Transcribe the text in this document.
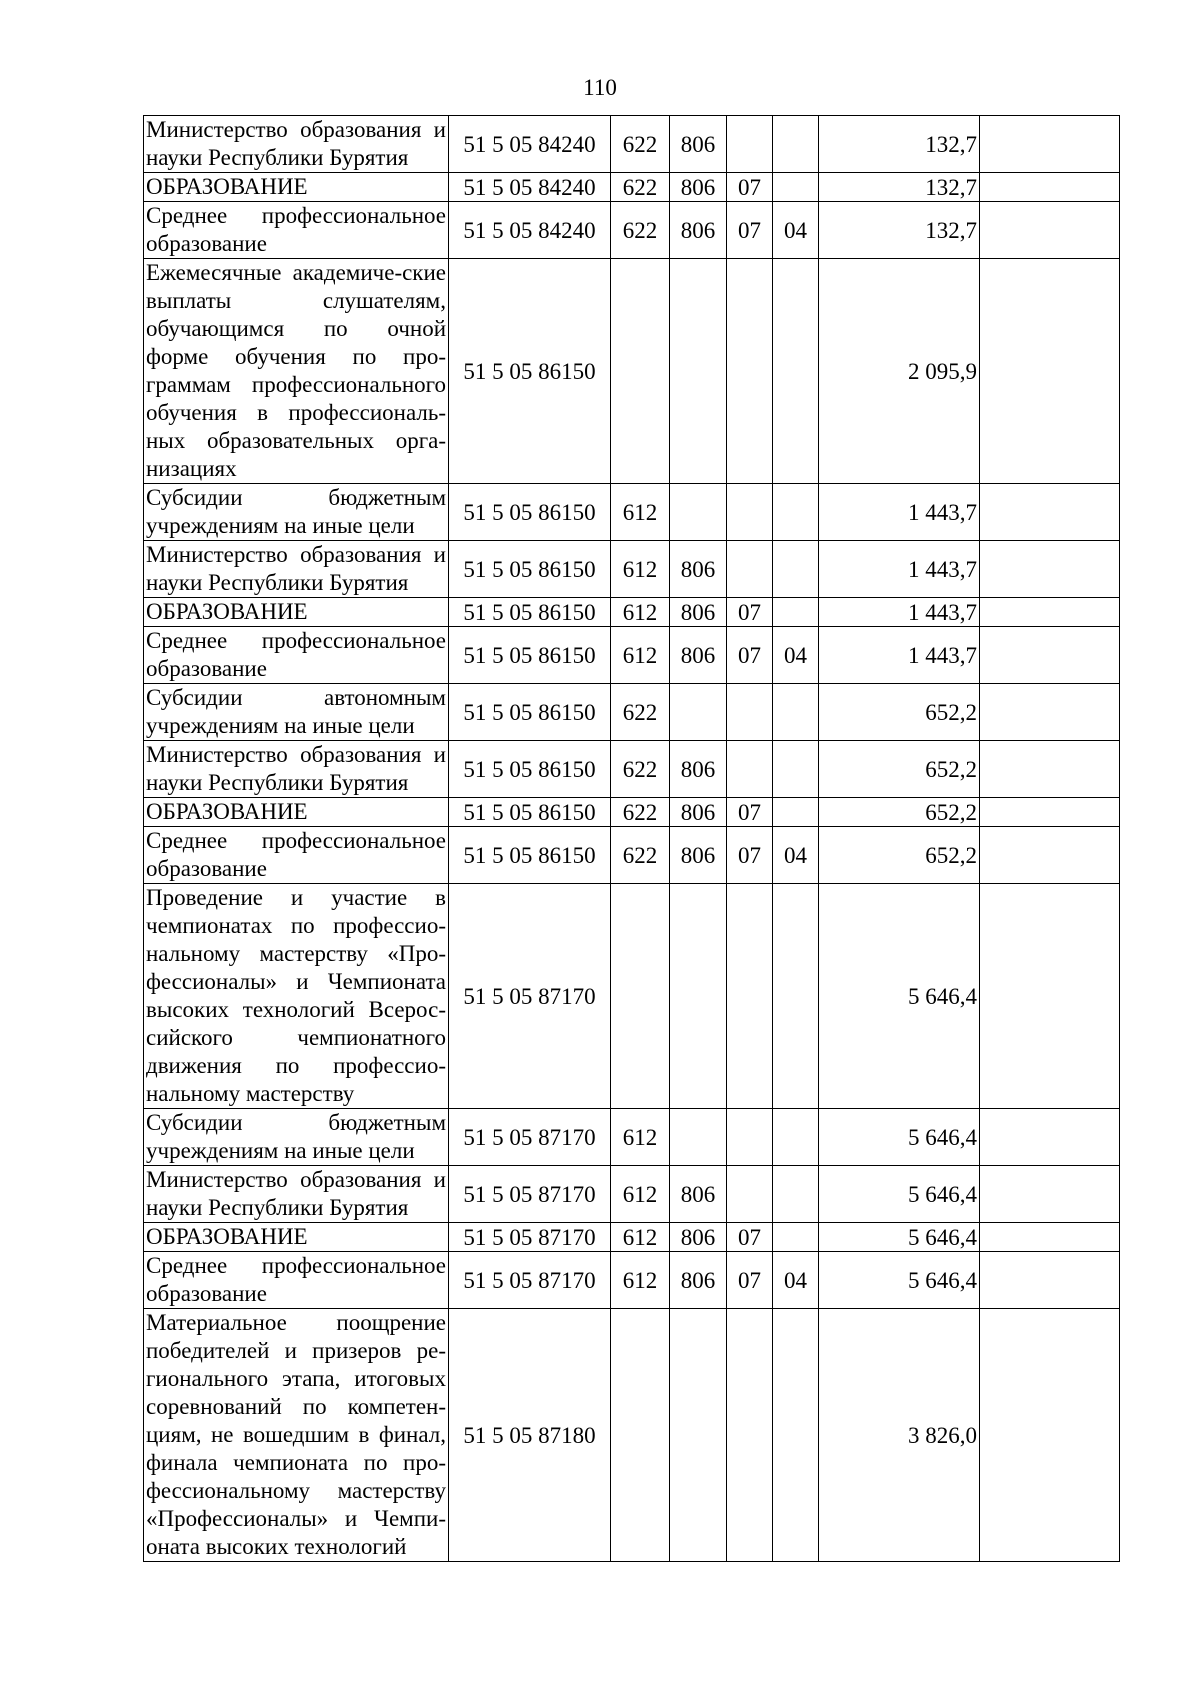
110
Министерство образования и науки Республики Бурятия	51 5 05 84240	622	806			132,7	
ОБРАЗОВАНИЕ	51 5 05 84240	622	806	07		132,7	
Среднее профессиональное образование	51 5 05 84240	622	806	07	04	132,7	
Ежемесячные академиче-ские выплаты слушателям, обучающимся по очной форме обучения по про-граммам профессионального обучения в профессиональ-ных образовательных орга-низациях	51 5 05 86150					2 095,9	
Субсидии бюджетным учреждениям на иные цели	51 5 05 86150	612				1 443,7	
Министерство образования и науки Республики Бурятия	51 5 05 86150	612	806			1 443,7	
ОБРАЗОВАНИЕ	51 5 05 86150	612	806	07		1 443,7	
Среднее профессиональное образование	51 5 05 86150	612	806	07	04	1 443,7	
Субсидии автономным учреждениям на иные цели	51 5 05 86150	622				652,2	
Министерство образования и науки Республики Бурятия	51 5 05 86150	622	806			652,2	
ОБРАЗОВАНИЕ	51 5 05 86150	622	806	07		652,2	
Среднее профессиональное образование	51 5 05 86150	622	806	07	04	652,2	
Проведение и участие в чемпионатах по профессио-нальному мастерству «Про-фессионалы» и Чемпионата высоких технологий Всерос-сийского чемпионатного движения по профессио-нальному мастерству	51 5 05 87170					5 646,4	
Субсидии бюджетным учреждениям на иные цели	51 5 05 87170	612				5 646,4	
Министерство образования и науки Республики Бурятия	51 5 05 87170	612	806			5 646,4	
ОБРАЗОВАНИЕ	51 5 05 87170	612	806	07		5 646,4	
Среднее профессиональное образование	51 5 05 87170	612	806	07	04	5 646,4	
Материальное поощрение победителей и призеров ре-гионального этапа, итоговых соревнований по компетен-циям, не вошедшим в финал, финала чемпионата по про-фессиональному мастерству «Профессионалы» и Чемпи-оната высоких технологий	51 5 05 87180					3 826,0	
